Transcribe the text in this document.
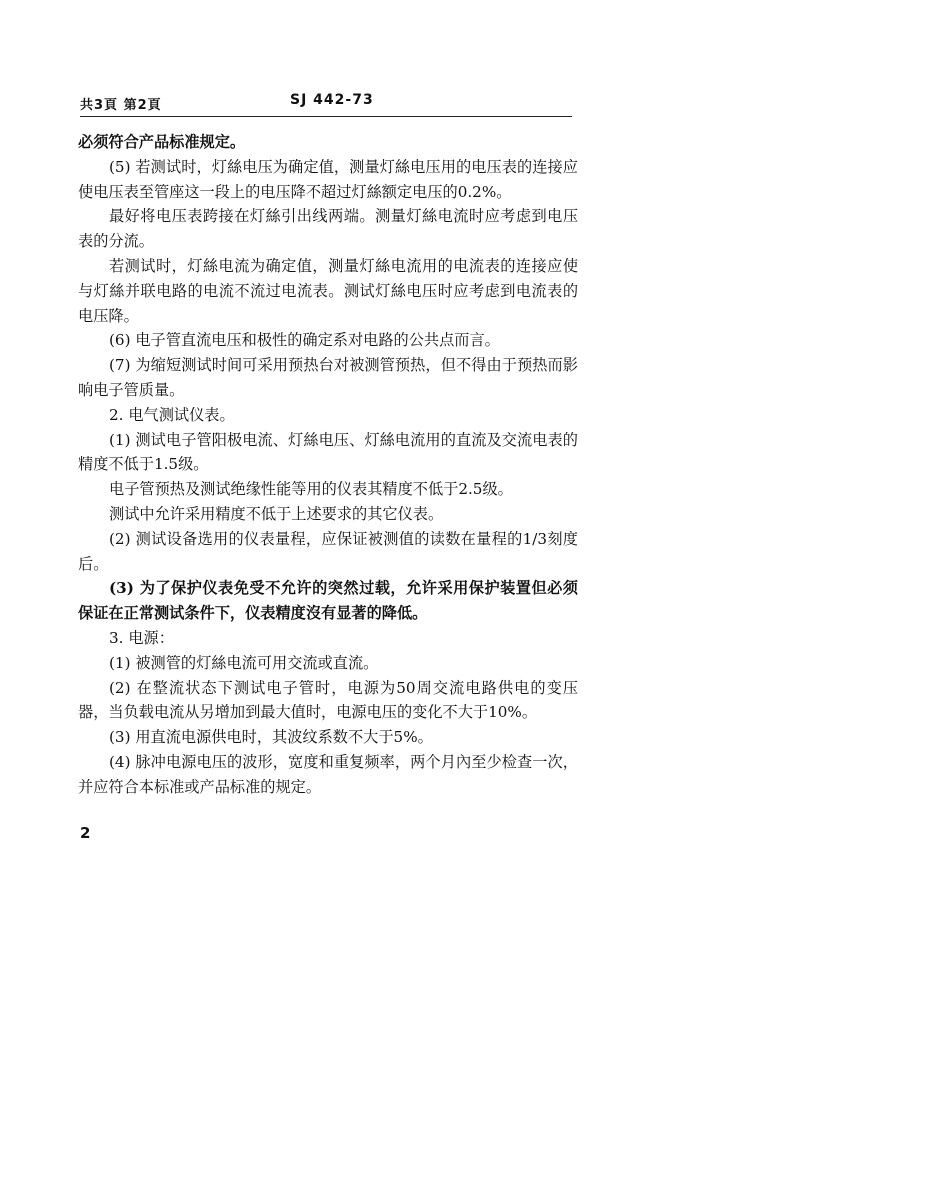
共3頁 第2頁	SJ 442-73

必须符合产品标准规定。

(5) 若测试时，灯絲电压为确定值，测量灯絲电压用的电压表的连接应使电压表至管座这一段上的电压降不超过灯絲额定电压的0.2%。

最好将电压表跨接在灯絲引出线两端。测量灯絲电流时应考虑到电压表的分流。

若测试时，灯絲电流为确定值，测量灯絲电流用的电流表的连接应使与灯絲并联电路的电流不流过电流表。测试灯絲电压时应考虑到电流表的电压降。

(6) 电子管直流电压和极性的确定系对电路的公共点而言。

(7) 为缩短测试时间可采用预热台对被测管预热，但不得由于预热而影响电子管质量。

2. 电气测试仪表。

(1) 测试电子管阳极电流、灯絲电压、灯絲电流用的直流及交流电表的精度不低于1.5级。

电子管预热及测试绝缘性能等用的仪表其精度不低于2.5级。

测试中允许采用精度不低于上述要求的其它仪表。

(2) 测试设备选用的仪表量程，应保证被测值的读数在量程的1/3刻度后。

(3) 为了保护仪表免受不允许的突然过载，允许采用保护装置但必须保证在正常测试条件下，仪表精度沒有显著的降低。

3. 电源：

(1) 被测管的灯絲电流可用交流或直流。

(2) 在整流状态下测试电子管时，电源为50周交流电路供电的变压器，当负载电流从另增加到最大值时，电源电压的变化不大于10%。

(3) 用直流电源供电时，其波纹系数不大于5%。

(4) 脉冲电源电压的波形，宽度和重复频率，两个月內至少检查一次，并应符合本标准或产品标准的规定。

2
